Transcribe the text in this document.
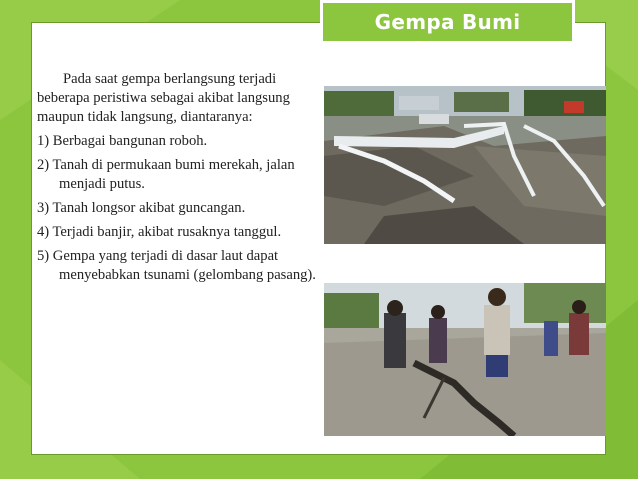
Gempa Bumi

Pada saat gempa berlangsung terjadi beberapa peristiwa sebagai akibat langsung maupun tidak langsung, diantaranya:

1) Berbagai bangunan roboh.
2) Tanah di permukaan bumi merekah, jalan menjadi putus.
3) Tanah longsor akibat guncangan.
4) Terjadi banjir, akibat rusaknya tanggul.
5) Gempa yang terjadi di dasar laut dapat menyebabkan tsunami (gelombang pasang).
